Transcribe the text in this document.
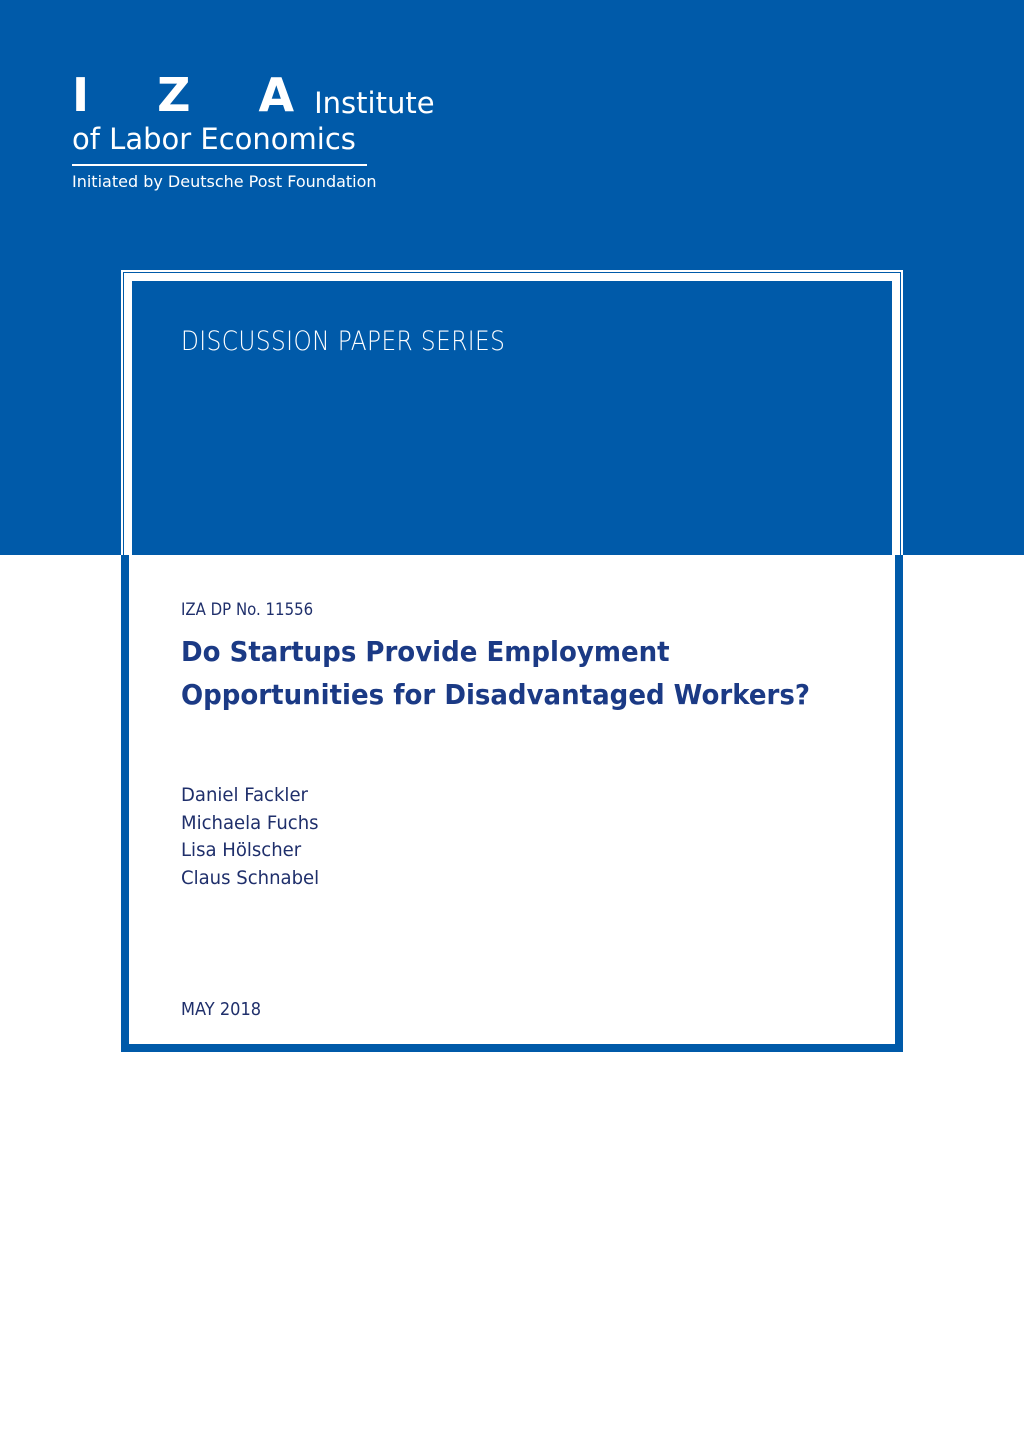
I Z A
Institute
of Labor Economics
Initiated by Deutsche Post Foundation
DISCUSSION PAPER SERIES
IZA DP No. 11556
Do Startups Provide Employment
Opportunities for Disadvantaged Workers?
Daniel Fackler
Michaela Fuchs
Lisa Hölscher
Claus Schnabel
MAY 2018
